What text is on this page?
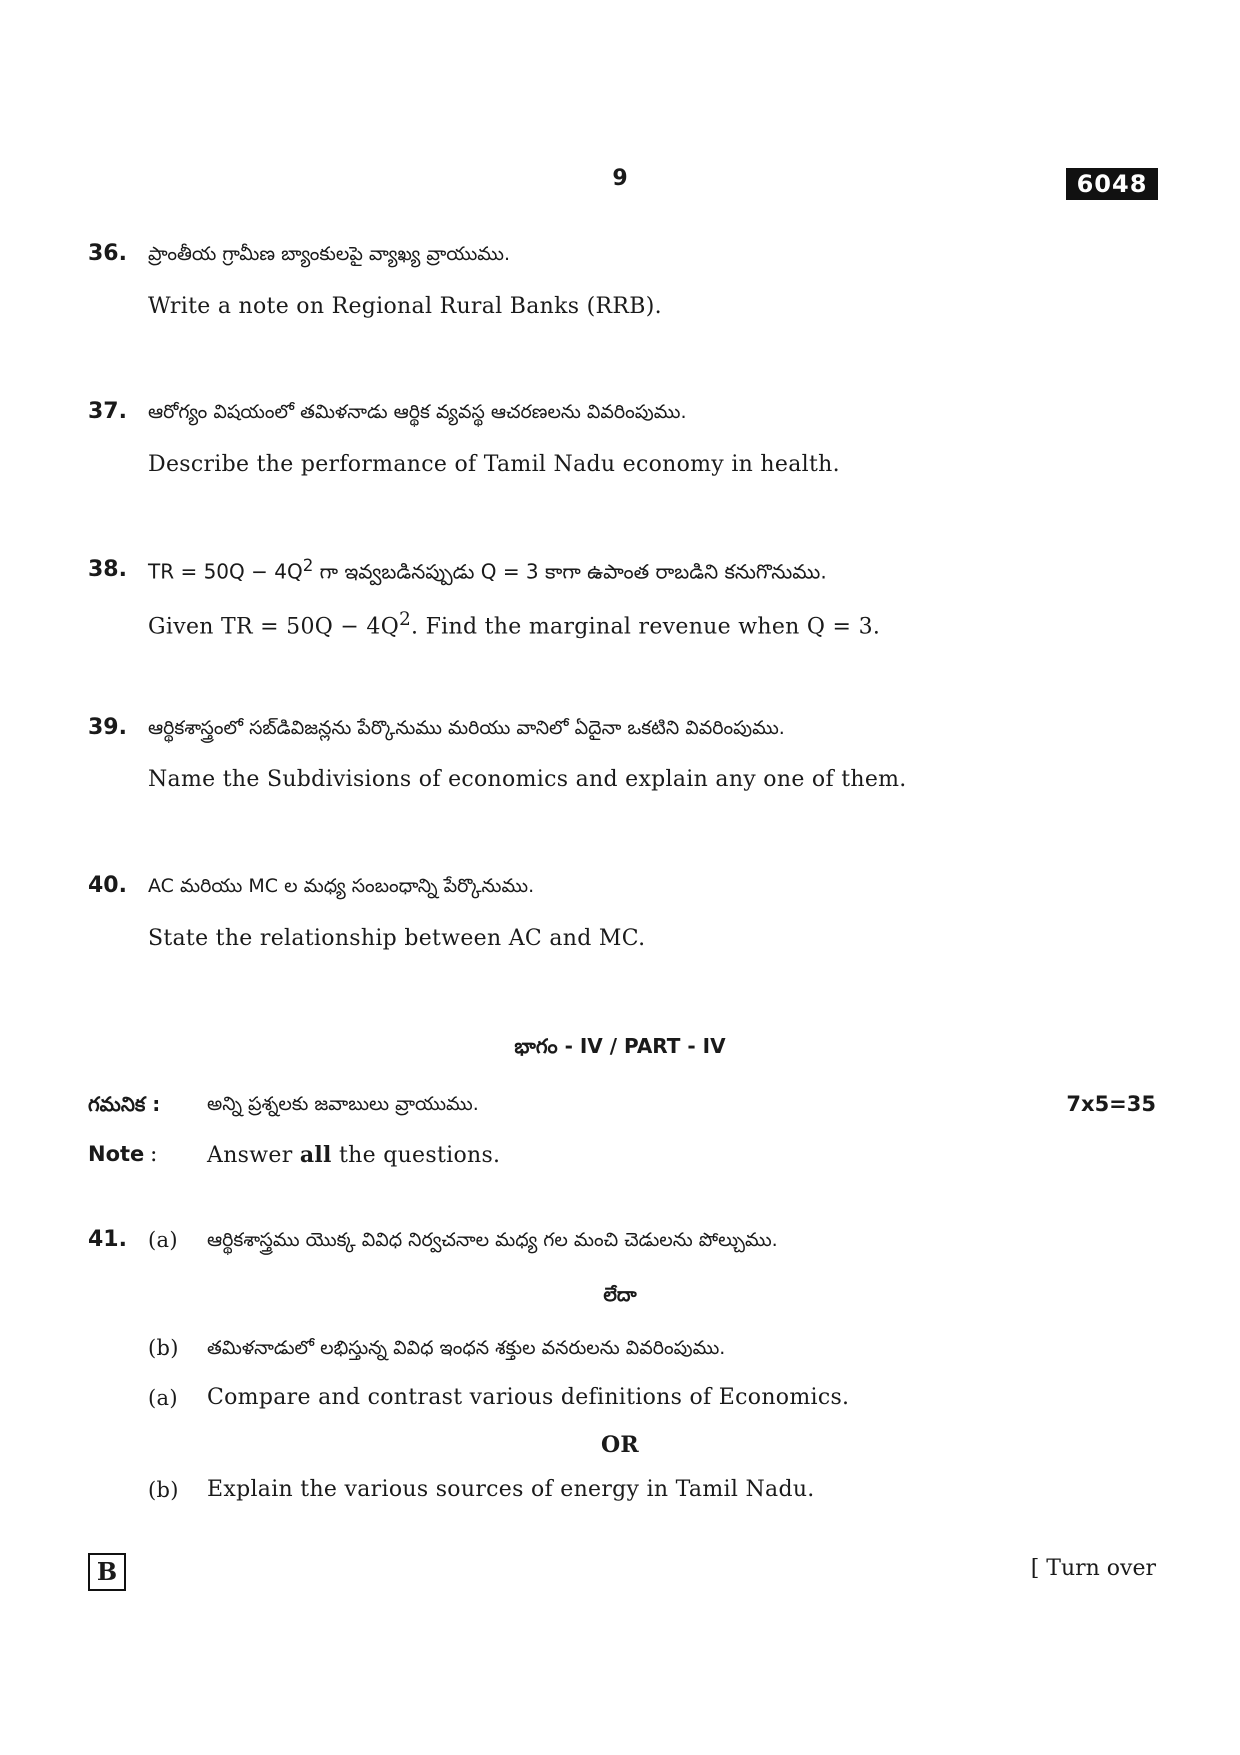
9	6048
36. ప్రాంతీయ గ్రామీణ బ్యాంకులపై వ్యాఖ్య వ్రాయుము.
Write a note on Regional Rural Banks (RRB).
37. ఆరోగ్యం విషయంలో తమిళనాడు ఆర్థిక వ్యవస్థ ఆచరణలను వివరింపుము.
Describe the performance of Tamil Nadu economy in health.
38. TR = $50Q - 4Q^2$ గా ఇవ్వబడినప్పుడు Q = 3 కాగా ఉపాంత రాబడిని కనుగొనుము.
Given TR = $50Q - 4Q^2$. Find the marginal revenue when Q = 3.
39. ఆర్థికశాస్త్రంలో సబ్‌డివిజన్లను పేర్కొనుము మరియు వానిలో ఏదైనా ఒకటిని వివరింపుము.
Name the Subdivisions of economics and explain any one of them.
40. AC మరియు MC ల మధ్య సంబంధాన్ని పేర్కొనుము.
State the relationship between AC and MC.
భాగం - IV / PART - IV
గమనిక : అన్ని ప్రశ్నలకు జవాబులు వ్రాయుము.	7x5=35
Note : Answer all the questions.
41. (a) ఆర్థికశాస్త్రము యొక్క వివిధ నిర్వచనాల మధ్య గల మంచి చెడులను పోల్చుము.
లేదా
(b) తమిళనాడులో లభిస్తున్న వివిధ ఇంధన శక్తుల వనరులను వివరింపుము.
(a) Compare and contrast various definitions of Economics.
OR
(b) Explain the various sources of energy in Tamil Nadu.
B	[ Turn over
